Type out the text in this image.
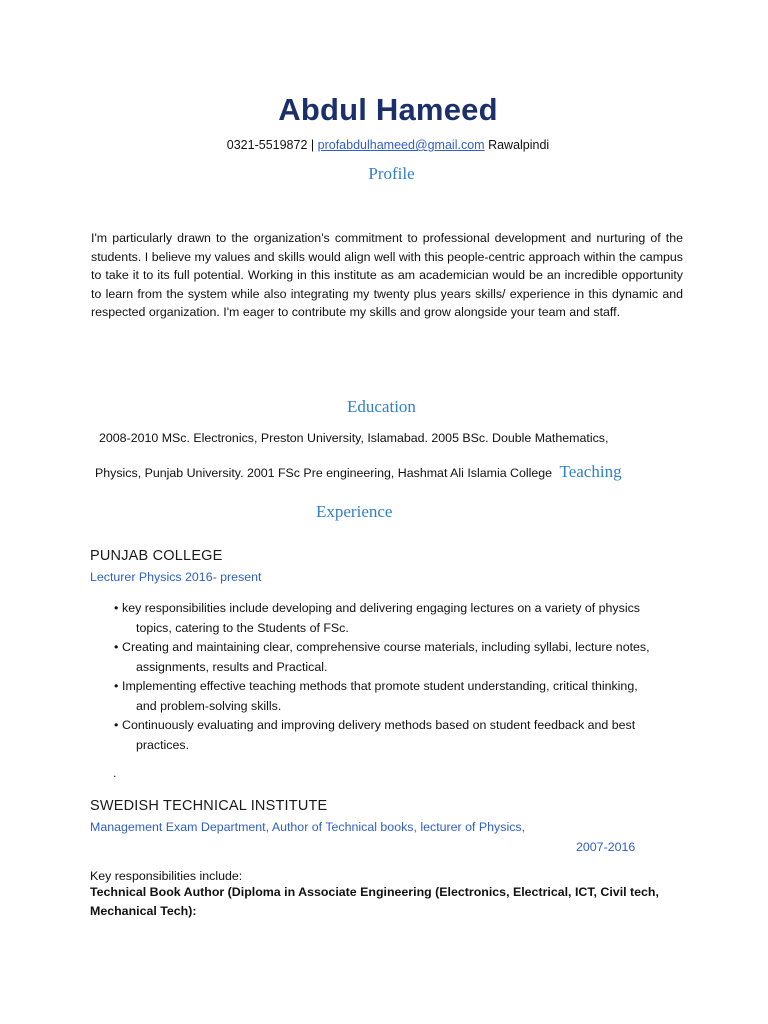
Abdul Hameed
0321-5519872 | profabdulhameed@gmail.com Rawalpindi
Profile
I'm particularly drawn to the organization's commitment to professional development and nurturing of the students. I believe my values and skills would align well with this people-centric approach within the campus to take it to its full potential. Working in this institute as am academician would be an incredible opportunity to learn from the system while also integrating my twenty plus years skills/ experience in this dynamic and respected organization. I'm eager to contribute my skills and grow alongside your team and staff.
Education
2008-2010 MSc. Electronics, Preston University, Islamabad. 2005 BSc. Double Mathematics,
Physics, Punjab University. 2001 FSc Pre engineering, Hashmat Ali Islamia College Teaching
Experience
PUNJAB COLLEGE
Lecturer Physics 2016- present
• key responsibilities include developing and delivering engaging lectures on a variety of physics
topics, catering to the Students of FSc.
• Creating and maintaining clear, comprehensive course materials, including syllabi, lecture notes,
assignments, results and Practical.
• Implementing effective teaching methods that promote student understanding, critical thinking,
and problem-solving skills.
• Continuously evaluating and improving delivery methods based on student feedback and best
practices.
.
SWEDISH TECHNICAL INSTITUTE
Management Exam Department, Author of Technical books, lecturer of Physics,
2007-2016
Key responsibilities include:
Technical Book Author (Diploma in Associate Engineering (Electronics, Electrical, ICT, Civil tech,
Mechanical Tech):
